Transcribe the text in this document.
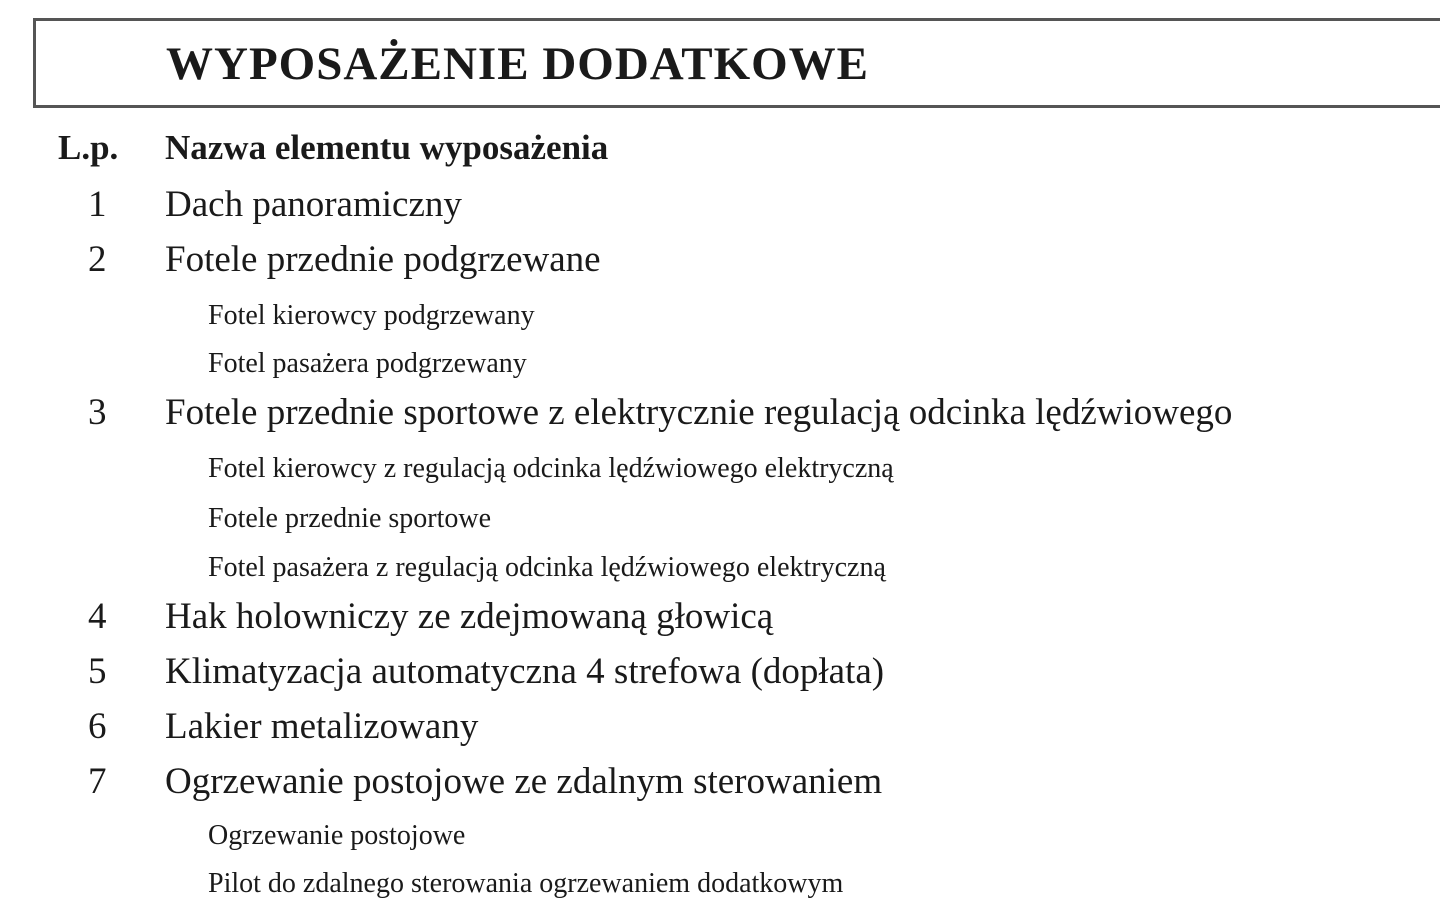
WYPOSAŻENIE DODATKOWE
L.p. Nazwa elementu wyposażenia
1 Dach panoramiczny
2 Fotele przednie podgrzewane
Fotel kierowcy podgrzewany
Fotel pasażera podgrzewany
3 Fotele przednie sportowe z elektrycznie regulacją odcinka lędźwiowego
Fotel kierowcy z regulacją odcinka lędźwiowego elektryczną
Fotele przednie sportowe
Fotel pasażera z regulacją odcinka lędźwiowego elektryczną
4 Hak holowniczy ze zdejmowaną głowicą
5 Klimatyzacja automatyczna 4 strefowa (dopłata)
6 Lakier metalizowany
7 Ogrzewanie postojowe ze zdalnym sterowaniem
Ogrzewanie postojowe
Pilot do zdalnego sterowania ogrzewaniem dodatkowym
